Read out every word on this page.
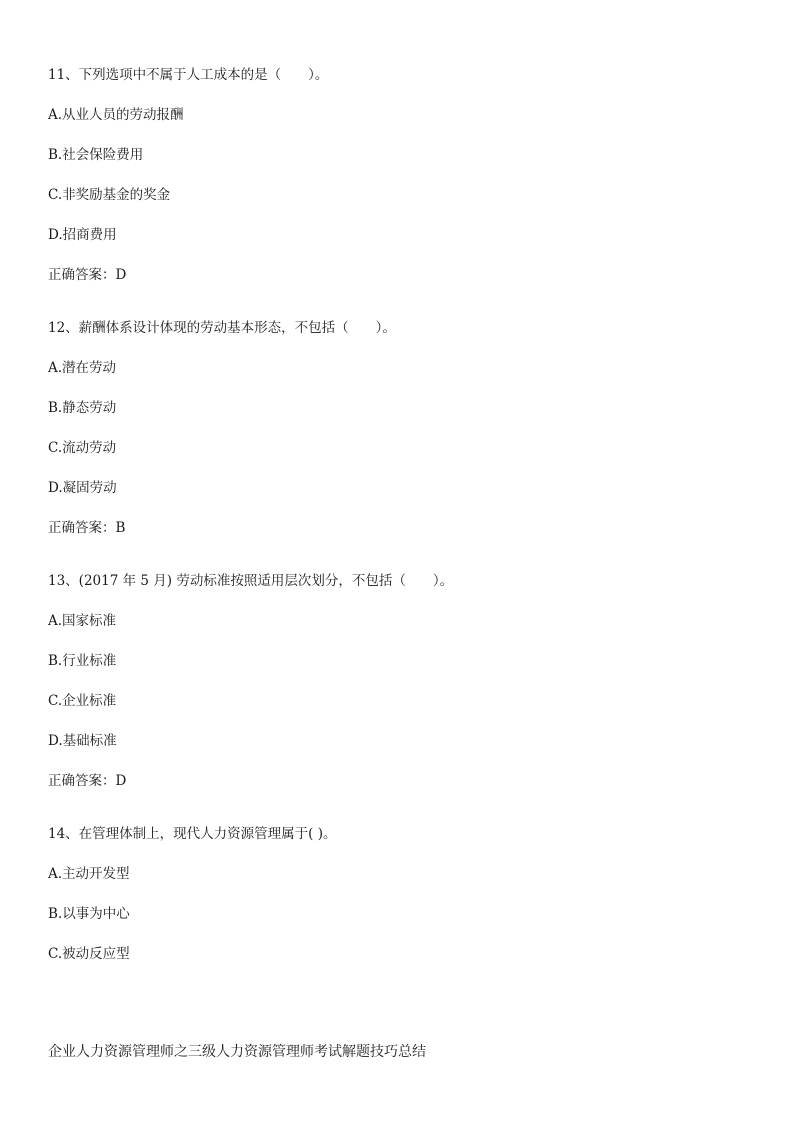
11、下列选项中不属于人工成本的是（　　）。
A.从业人员的劳动报酬
B.社会保险费用
C.非奖励基金的奖金
D.招商费用
正确答案：D
12、薪酬体系设计体现的劳动基本形态，不包括（　　）。
A.潜在劳动
B.静态劳动
C.流动劳动
D.凝固劳动
正确答案：B
13、(2017 年 5 月) 劳动标准按照适用层次划分，不包括（　　）。
A.国家标准
B.行业标准
C.企业标准
D.基础标准
正确答案：D
14、在管理体制上，现代人力资源管理属于( )。
A.主动开发型
B.以事为中心
C.被动反应型
企业人力资源管理师之三级人力资源管理师考试解题技巧总结
